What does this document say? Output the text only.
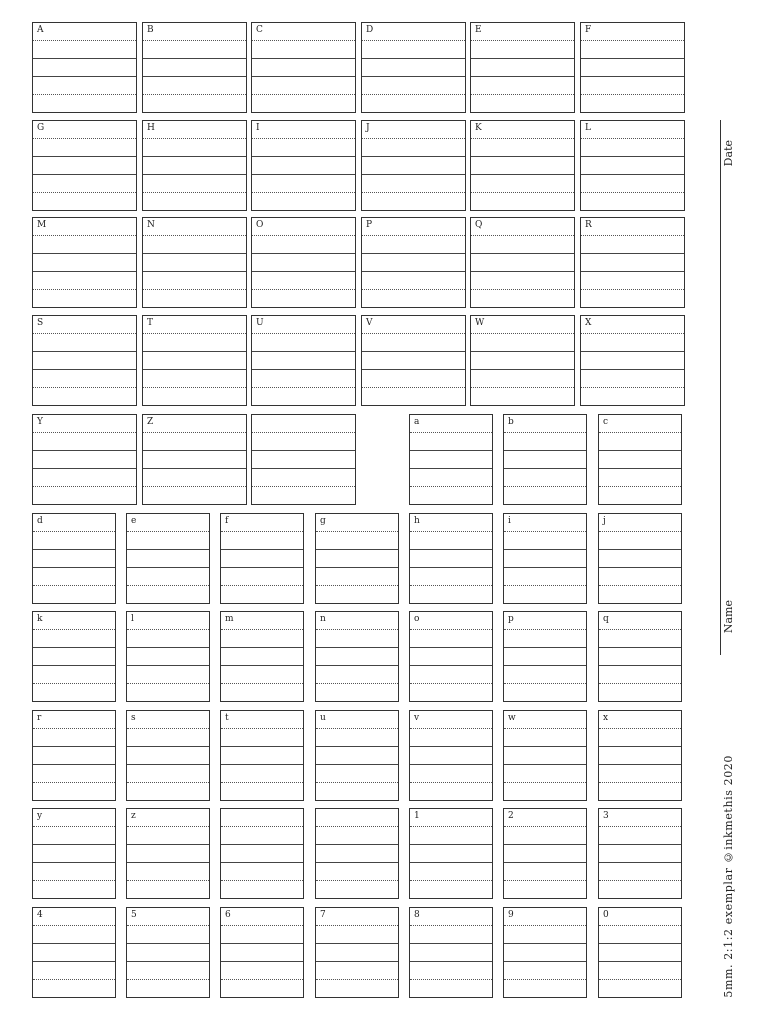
A	B	C	D	E	F
G	H	I	J	K	L
M	N	O	P	Q	R
S	T	U	V	W	X
Y	Z	a	b	c
d	e	f	g	h	i	j
k	l	m	n	o	p	q
r	s	t	u	v	w	x
y	z	1	2	3
4	5	6	7	8	9	0
Date
Name
5mm. 2:1:2 exemplar ©inkmethis 2020
